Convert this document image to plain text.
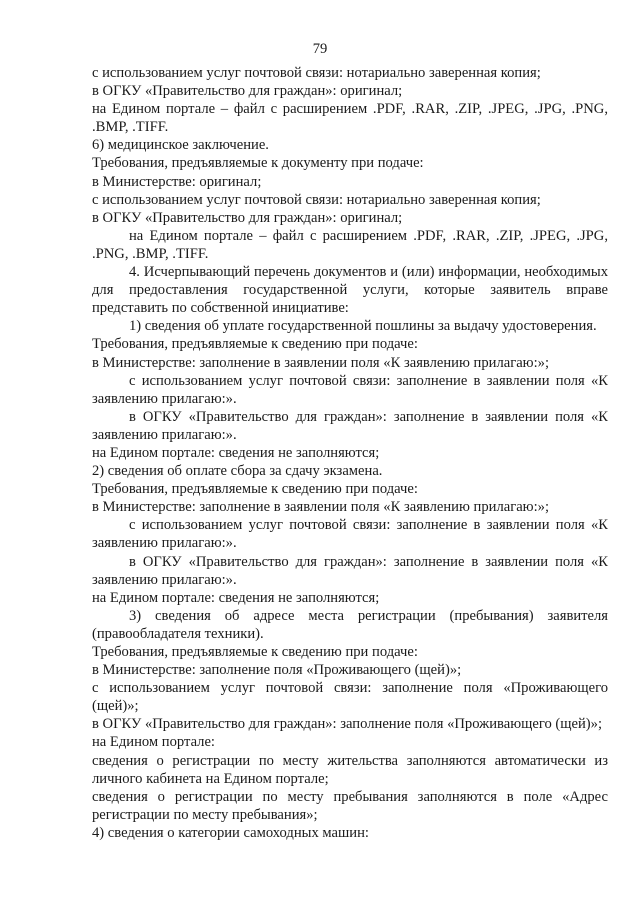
79

с использованием услуг почтовой связи: нотариально заверенная копия;

в ОГКУ «Правительство для граждан»: оригинал;

на Едином портале – файл с расширением .PDF, .RAR, .ZIP, .JPEG, .JPG, .PNG, .BMP, .TIFF.

6) медицинское заключение.

Требования, предъявляемые к документу при подаче:

в Министерстве: оригинал;

с использованием услуг почтовой связи: нотариально заверенная копия;

в ОГКУ «Правительство для граждан»: оригинал;

на Едином портале – файл с расширением .PDF, .RAR, .ZIP, .JPEG, .JPG, .PNG, .BMP, .TIFF.

4. Исчерпывающий перечень документов и (или) информации, необходимых для предоставления государственной услуги, которые заявитель вправе представить по собственной инициативе:

1) сведения об уплате государственной пошлины за выдачу удостоверения.

Требования, предъявляемые к сведению при подаче:

в Министерстве: заполнение в заявлении поля «К заявлению прилагаю:»;

с использованием услуг почтовой связи: заполнение в заявлении поля «К заявлению прилагаю:».

в ОГКУ «Правительство для граждан»: заполнение в заявлении поля «К заявлению прилагаю:».

на Едином портале: сведения не заполняются;

2) сведения об оплате сбора за сдачу экзамена.

Требования, предъявляемые к сведению при подаче:

в Министерстве: заполнение в заявлении поля «К заявлению прилагаю:»;

с использованием услуг почтовой связи: заполнение в заявлении поля «К заявлению прилагаю:».

в ОГКУ «Правительство для граждан»: заполнение в заявлении поля «К заявлению прилагаю:».

на Едином портале: сведения не заполняются;

3) сведения об адресе места регистрации (пребывания) заявителя (правообладателя техники).

Требования, предъявляемые к сведению при подаче:

в Министерстве: заполнение поля «Проживающего (щей)»;

с использованием услуг почтовой связи: заполнение поля «Проживающего (щей)»;

в ОГКУ «Правительство для граждан»: заполнение поля «Проживающего (щей)»;

на Едином портале:

сведения о регистрации по месту жительства заполняются автоматически из личного кабинета на Едином портале;

сведения о регистрации по месту пребывания заполняются в поле «Адрес регистрации по месту пребывания»;

4) сведения о категории самоходных машин:
